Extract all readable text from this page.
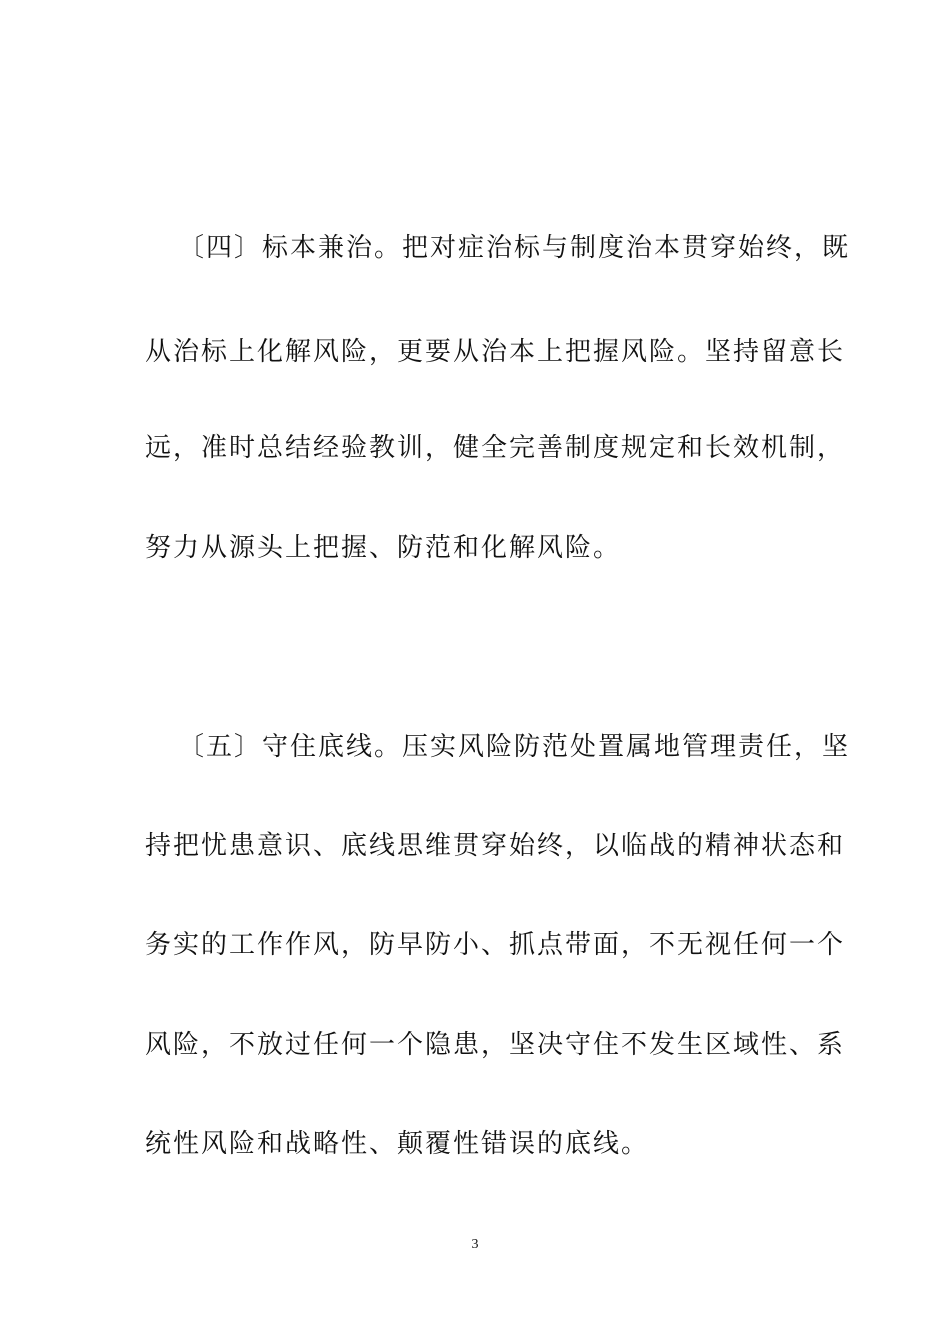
〔四〕标本兼治。把对症治标与制度治本贯穿始终，既
从治标上化解风险，更要从治本上把握风险。坚持留意长
远，准时总结经验教训，健全完善制度规定和长效机制，
努力从源头上把握、防范和化解风险。
〔五〕守住底线。压实风险防范处置属地管理责任，坚
持把忧患意识、底线思维贯穿始终，以临战的精神状态和
务实的工作作风，防早防小、抓点带面，不无视任何一个
风险，不放过任何一个隐患，坚决守住不发生区域性、系
统性风险和战略性、颠覆性错误的底线。
3
